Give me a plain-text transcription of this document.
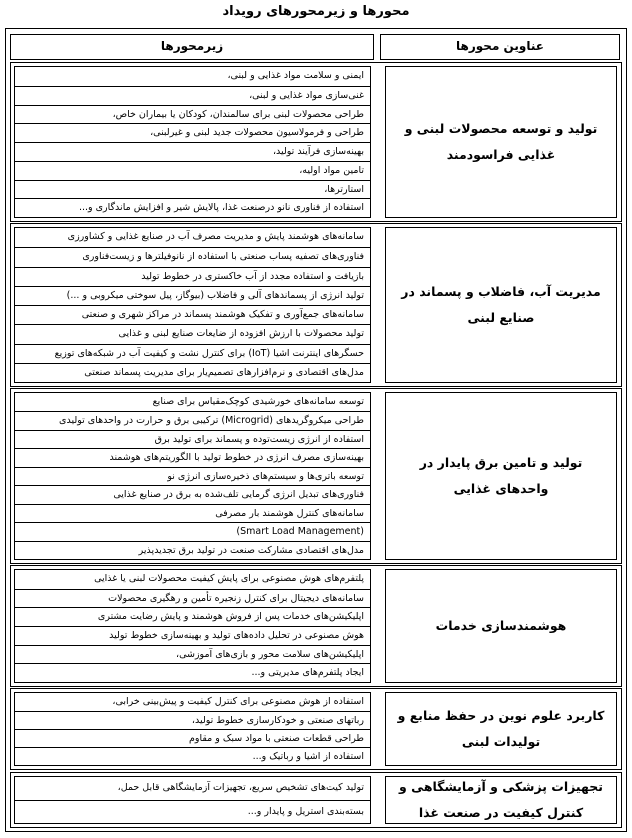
محورها و زیرمحورهای رویداد
عناوین محورها
زیرمحورها
تولید و توسعه محصولات لبنی و غذایی فراسودمند
ایمنی و سلامت مواد غذایی و لبنی،
غنی‌سازی مواد غذایی و لبنی،
طراحی محصولات لبنی برای سالمندان، کودکان یا بیماران خاص،
طراحی و فرمولاسیون محصولات جدید لبنی و غیرلبنی،
بهینه‌سازی فرآیند تولید،
تامین مواد اولیه،
استارترها،
استفاده از فناوری نانو درصنعت غذا، پالایش شیر و افزایش ماندگاری و...
مدیریت آب، فاضلاب و پسماند در صنایع لبنی
سامانه‌های هوشمند پایش و مدیریت مصرف آب در صنایع غذایی و کشاورزی
فناوری‌های تصفیه پساب صنعتی با استفاده از نانوفیلترها و زیست‌فناوری
بازیافت و استفاده مجدد از آب خاکستری در خطوط تولید
تولید انرژی از پسماندهای آلی و فاضلاب (بیوگاز، پیل سوختی میکروبی و ...)
سامانه‌های جمع‌آوری و تفکیک هوشمند پسماند در مراکز شهری و صنعتی
تولید محصولات با ارزش افزوده از ضایعات صنایع لبنی و غذایی
حسگرهای اینترنت اشیا (IoT) برای کنترل نشت و کیفیت آب در شبکه‌های توزیع
مدل‌های اقتصادی و نرم‌افزارهای تصمیم‌یار برای مدیریت پسماند صنعتی
تولید و تامین برق پایدار در واحدهای غذایی
توسعه سامانه‌های خورشیدی کوچک‌مقیاس برای صنایع
طراحی میکروگریدهای (Microgrid) ترکیبی برق و حرارت در واحدهای تولیدی
استفاده از انرژی زیست‌توده و پسماند برای تولید برق
بهینه‌سازی مصرف انرژی در خطوط تولید با الگوریتم‌های هوشمند
توسعه باتری‌ها و سیستم‌های ذخیره‌سازی انرژی نو
فناوری‌های تبدیل انرژی گرمایی تلف‌شده به برق در صنایع غذایی
سامانه‌های کنترل هوشمند بار مصرفی
(Smart Load Management)
مدل‌های اقتصادی مشارکت صنعت در تولید برق تجدیدپذیر
هوشمندسازی خدمات
پلتفرم‌های هوش مصنوعی برای پایش کیفیت محصولات لبنی یا غذایی
سامانه‌های دیجیتال برای کنترل زنجیره تأمین و رهگیری محصولات
اپلیکیشن‌های خدمات پس از فروش هوشمند و پایش رضایت مشتری
هوش مصنوعی در تحلیل داده‌های تولید و بهینه‌سازی خطوط تولید
اپلیکیشن‌های سلامت محور و بازی‌های آموزشی،
ایجاد پلتفرم‌های مدیریتی و...
کاربرد علوم نوین در حفظ منابع و تولیدات لبنی
استفاده از هوش مصنوعی برای کنترل کیفیت و پیش‌بینی خرابی،
رباتهای صنعتی و خودکارسازی خطوط تولید،
طراحی قطعات صنعتی با مواد سبک و مقاوم
استفاده از اشیا و رباتیک و...
تجهیزات پزشکی و آزمایشگاهی و کنترل کیفیت در صنعت غذا
تولید کیت‌های تشخیص سریع، تجهیزات آزمایشگاهی قابل حمل،
بسته‌بندی استریل و پایدار و...
